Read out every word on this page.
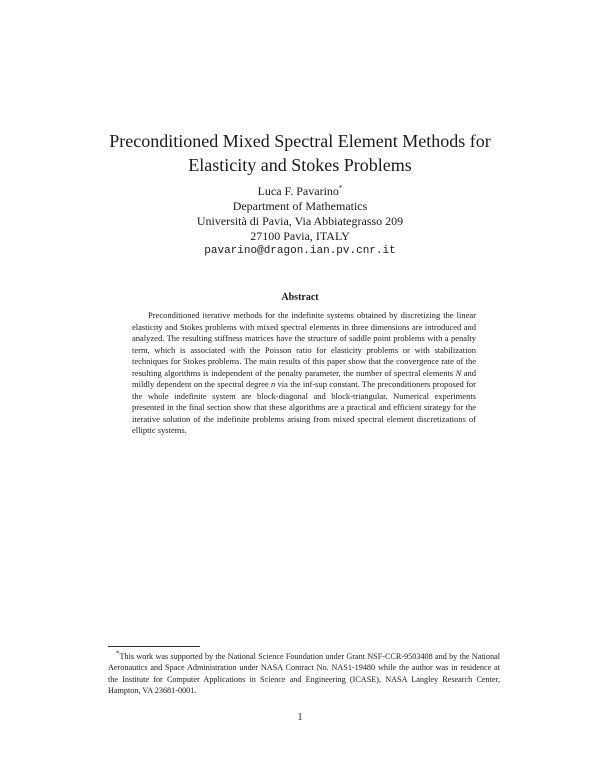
Preconditioned Mixed Spectral Element Methods for
Elasticity and Stokes Problems
Luca F. Pavarino*
Department of Mathematics
Università di Pavia, Via Abbiategrasso 209
27100 Pavia, ITALY
pavarino@dragon.ian.pv.cnr.it
Abstract
Preconditioned iterative methods for the indefinite systems obtained by discretizing the linear elasticity and Stokes problems with mixed spectral elements in three dimensions are introduced and analyzed. The resulting stiffness matrices have the structure of saddle point problems with a penalty term, which is associated with the Poisson ratio for elasticity problems or with stabilization techniques for Stokes problems. The main results of this paper show that the convergence rate of the resulting algorithms is independent of the penalty parameter, the number of spectral elements N and mildly dependent on the spectral degree n via the inf-sup constant. The preconditioners proposed for the whole indefinite system are block-diagonal and block-triangular. Numerical experiments presented in the final section show that these algorithms are a practical and efficient strategy for the iterative solution of the indefinite problems arising from mixed spectral element discretizations of elliptic systems.
*This work was supported by the National Science Foundation under Grant NSF-CCR-9503408 and by the National Aeronautics and Space Administration under NASA Contract No. NAS1-19480 while the author was in residence at the Institute for Computer Applications in Science and Engineering (ICASE), NASA Langley Research Center, Hampton, VA 23681-0001.
1
